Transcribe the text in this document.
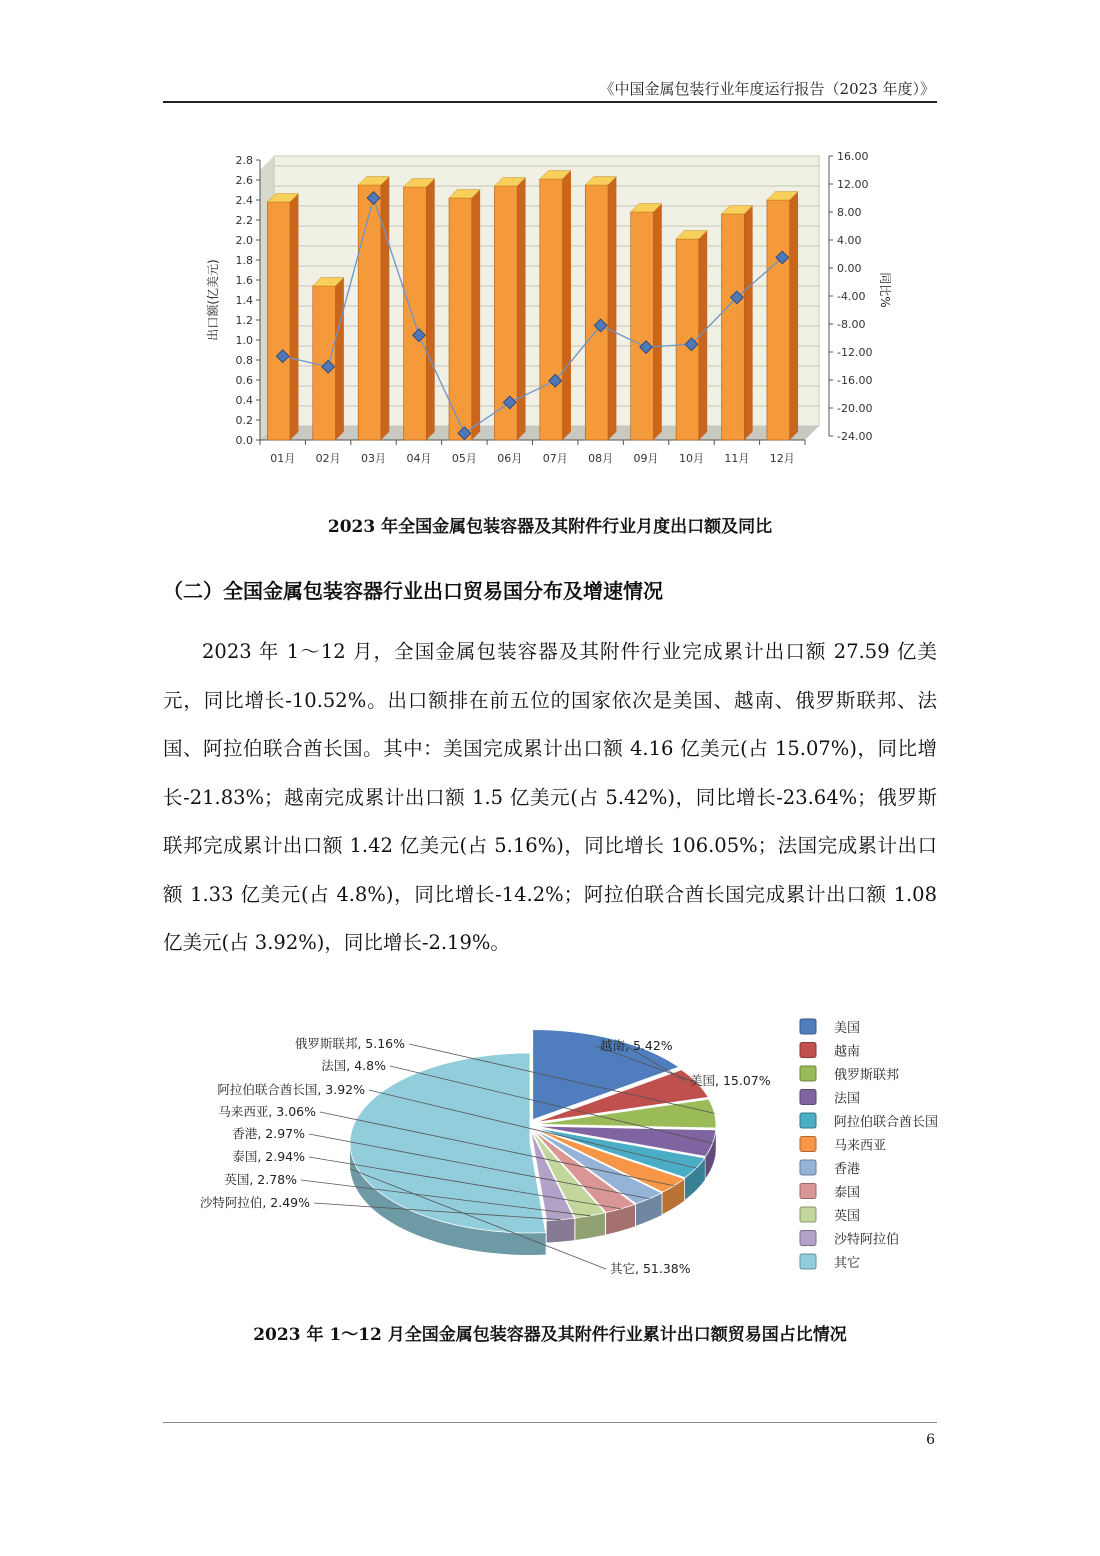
《中国金属包装行业年度运行报告（2023 年度）》
0.0
0.2
0.4
0.6
0.8
1.0
1.2
1.4
1.6
1.8
2.0
2.2
2.4
2.6
2.8
-24.00
-20.00
-16.00
-12.00
-8.00
-4.00
0.00
4.00
8.00
12.00
16.00
出口额(亿美元)	同比%
01月 02月 03月 04月 05月 06月 07月 08月 09月 10月 11月 12月
2023 年全国金属包装容器及其附件行业月度出口额及同比
（二）全国金属包装容器行业出口贸易国分布及增速情况
2023 年 1～12 月，全国金属包装容器及其附件行业完成累计出口额 27.59 亿美元，同比增长-10.52%。出口额排在前五位的国家依次是美国、越南、俄罗斯联邦、法国、阿拉伯联合酋长国。其中：美国完成累计出口额 4.16 亿美元(占 15.07%)，同比增长-21.83%；越南完成累计出口额 1.5 亿美元(占 5.42%)，同比增长-23.64%；俄罗斯联邦完成累计出口额 1.42 亿美元(占 5.16%)，同比增长 106.05%；法国完成累计出口额 1.33 亿美元(占 4.8%)，同比增长-14.2%；阿拉伯联合酋长国完成累计出口额 1.08 亿美元(占 3.92%)，同比增长-2.19%。
美国, 15.07%
越南, 5.42%
俄罗斯联邦, 5.16%
法国, 4.8%
阿拉伯联合酋长国, 3.92%
马来西亚, 3.06%
香港, 2.97%
泰国, 2.94%
英国, 2.78%
沙特阿拉伯, 2.49%
其它, 51.38%
美国
越南
俄罗斯联邦
法国
阿拉伯联合酋长国
马来西亚
香港
泰国
英国
沙特阿拉伯
其它
2023 年 1～12 月全国金属包装容器及其附件行业累计出口额贸易国占比情况
6
